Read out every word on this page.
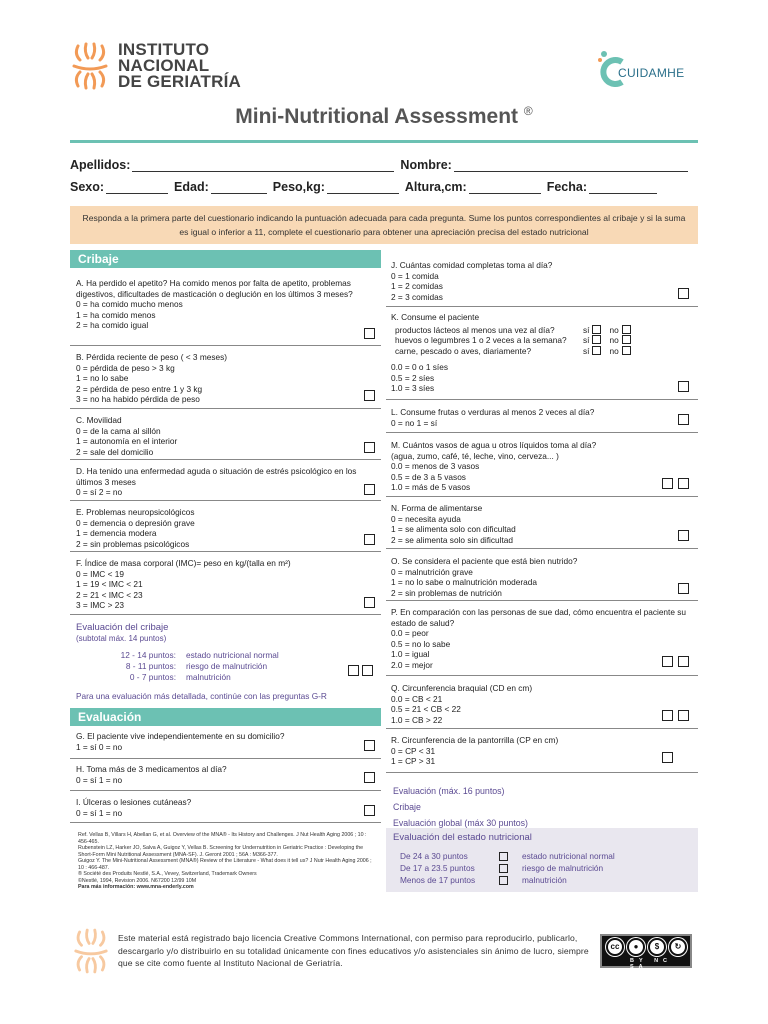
INSTITUTO
NACIONAL
DE GERIATRÍA	CUIDAMHE
Mini-Nutritional Assessment ®
Apellidos:	Nombre:
Sexo:	Edad:	Peso,kg:	Altura,cm:	Fecha:
Responda a la primera parte del cuestionario indicando la puntuación adecuada para cada pregunta. Sume los puntos correspondientes al cribaje y si la suma es igual o inferior a 11, complete el cuestionario para obtener una apreciación precisa del estado nutricional
Cribaje
A. Ha perdido el apetito? Ha comido menos por falta de apetito, problemas digestivos, dificultades de masticación o deglución en los últimos 3 meses?
0 = ha comido mucho menos
1 = ha comido menos
2 = ha comido igual
B. Pérdida reciente de peso ( < 3 meses)
0 = pérdida de peso > 3 kg
1 = no lo sabe
2 = pérdida de peso entre 1 y 3 kg
3 = no ha habido pérdida de peso
C. Movilidad
0 = de la cama al sillón
1 = autonomía en el interior
2 = sale del domicilio
D. Ha tenido una enfermedad aguda o situación de estrés psicológico en los últimos 3 meses
0 = sí 2 = no
E. Problemas neuropsicológicos
0 = demencia o depresión grave
1 = demencia modera
2 = sin problemas psicológicos
F. Índice de masa corporal (IMC)= peso en kg/(talla en m²)
0 = IMC < 19
1 = 19 < IMC < 21
2 = 21 < IMC < 23
3 = IMC > 23
Evaluación del cribaje
(subtotal máx. 14 puntos)
12 - 14 puntos:	estado nutricional normal
8 - 11 puntos:	riesgo de malnutrición
0 - 7 puntos:	malnutrición
Para una evaluación más detallada, continúe con las preguntas G-R
Evaluación
G. El paciente vive independientemente en su domicilio?
1 = sí 0 = no
H. Toma más de 3 medicamentos al día?
0 = sí 1 = no
I. Úlceras o lesiones cutáneas?
0 = sí 1 = no
Ref. Vellas B, Villars H, Abellan G, et al. Overview of the MNA® - Its History and Challenges. J Nut Health Aging 2006 ; 10 : 456-465.
Rubenstein LZ, Harker JO, Salva A, Guigoz Y, Vellas B. Screening for Undernutrition in Geriatric Practice : Developing the Short-Form Mini Nutritional Assessment (MNA-SF). J. Geront 2001 ; 56A : M366-377.
Guigoz Y. The Mini-Nutritional Assessment (MNA®) Review of the Literature - What does it tell us? J Nutr Health Aging 2006 ; 10 : 466-487.
® Société des Produits Nestlé, S.A., Vevey, Switzerland, Trademark Owners
©Nestlé, 1994, Revision 2006. N67200 12/99 10M
Para más información: www.mna-enderly.com
J. Cuántas comidad completas toma al día?
0 = 1 comida
1 = 2 comidas
2 = 3 comidas
K. Consume el paciente
productos lácteos al menos una vez al día?	sí no
huevos o legumbres 1 o 2 veces a la semana?	sí no
carne, pescado o aves, diariamente?	sí no
0.0 = 0 o 1 síes
0.5 = 2 síes
1.0 = 3 síes
L. Consume frutas o verduras al menos 2 veces al día?
0 = no 1 = sí
M. Cuántos vasos de agua u otros líquidos toma al día?
(agua, zumo, café, té, leche, vino, cerveza... )
0.0 = menos de 3 vasos
0.5 = de 3 a 5 vasos
1.0 = más de 5 vasos
N. Forma de alimentarse
0 = necesita ayuda
1 = se alimenta solo con dificultad
2 = se alimenta solo sin dificultad
O. Se considera el paciente que está bien nutrido?
0 = malnutrición grave
1 = no lo sabe o malnutrición moderada
2 = sin problemas de nutrición
P. En comparación con las personas de sue dad, cómo encuentra el paciente su estado de salud?
0.0 = peor
0.5 = no lo sabe
1.0 = igual
2.0 = mejor
Q. Circunferencia braquial (CD en cm)
0.0 = CB < 21
0.5 = 21 < CB < 22
1.0 = CB > 22
R. Circunferencia de la pantorrilla (CP en cm)
0 = CP < 31
1 = CP > 31
Evaluación (máx. 16 puntos)
Cribaje
Evaluación global (máx 30 puntos)
Evaluación del estado nutricional
De 24 a 30 puntos	estado nutricional normal
De 17 a 23.5 puntos	riesgo de malnutrición
Menos de 17 puntos	malnutrición
Este material está registrado bajo licencia Creative Commons International, con permiso para reproducirlo, publicarlo, descargarlo y/o distribuirlo en su totalidad únicamente con fines educativos y/o asistenciales sin ánimo de lucro, siempre que se cite como fuente al Instituto Nacional de Geriatría.
cc	●	$	↻
BY NC SA
